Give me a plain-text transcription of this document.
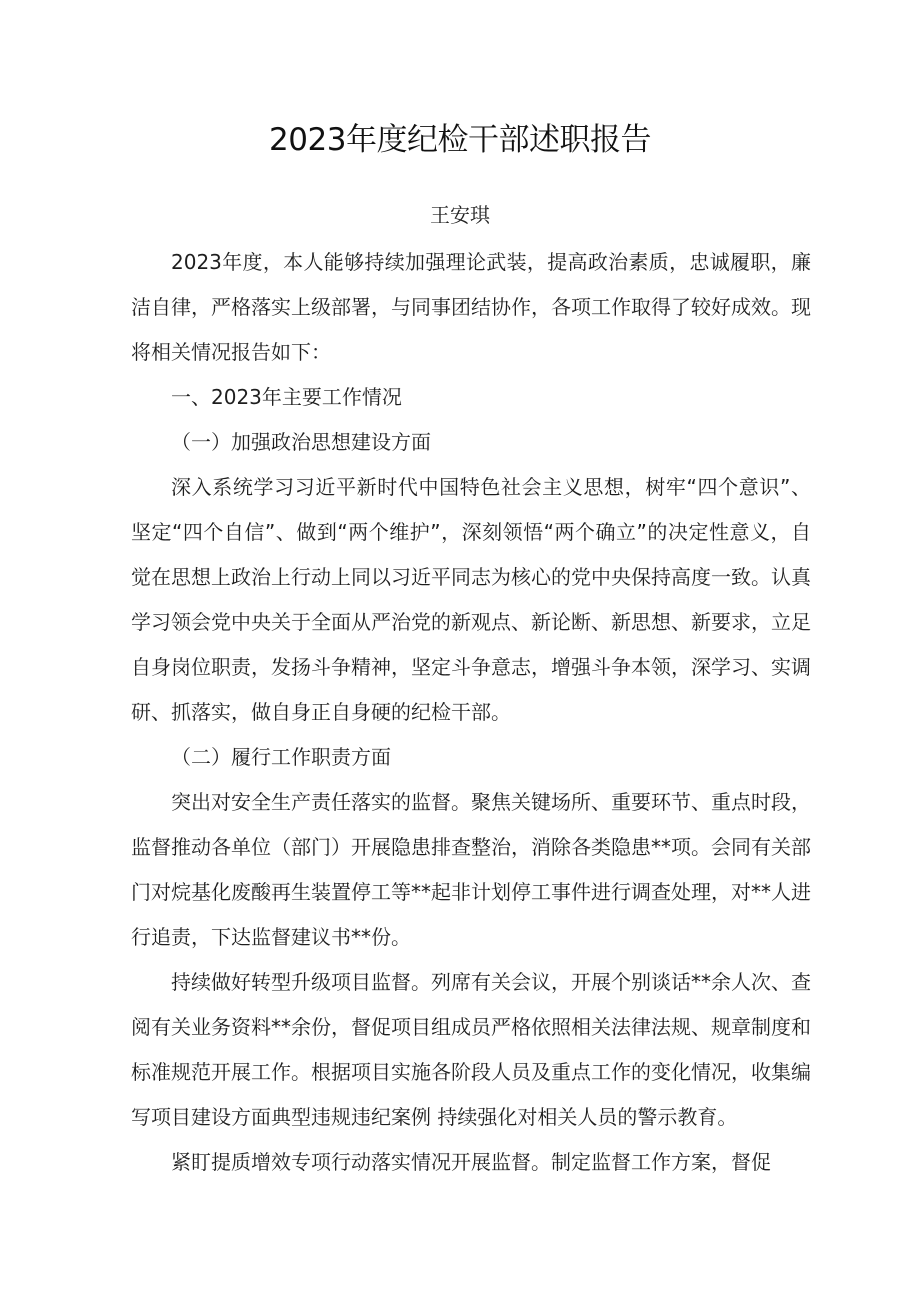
2023年度纪检干部述职报告
王安琪

2023年度，本人能够持续加强理论武装，提高政治素质，忠诚履职，廉洁自律，严格落实上级部署，与同事团结协作，各项工作取得了较好成效。现将相关情况报告如下：

一、2023年主要工作情况

（一）加强政治思想建设方面

深入系统学习习近平新时代中国特色社会主义思想，树牢“四个意识”、坚定“四个自信”、做到“两个维护”，深刻领悟“两个确立”的决定性意义，自觉在思想上政治上行动上同以习近平同志为核心的党中央保持高度一致。认真学习领会党中央关于全面从严治党的新观点、新论断、新思想、新要求，立足自身岗位职责，发扬斗争精神，坚定斗争意志，增强斗争本领，深学习、实调研、抓落实，做自身正自身硬的纪检干部。

（二）履行工作职责方面

突出对安全生产责任落实的监督。聚焦关键场所、重要环节、重点时段，监督推动各单位（部门）开展隐患排查整治，消除各类隐患**项。会同有关部门对烷基化废酸再生装置停工等**起非计划停工事件进行调查处理，对**人进行追责，下达监督建议书**份。

持续做好转型升级项目监督。列席有关会议，开展个别谈话**余人次、查阅有关业务资料**余份，督促项目组成员严格依照相关法律法规、规章制度和标准规范开展工作。根据项目实施各阶段人员及重点工作的变化情况，收集编写项目建设方面典型违规违纪案例 持续强化对相关人员的警示教育。

紧盯提质增效专项行动落实情况开展监督。制定监督工作方案，督促
